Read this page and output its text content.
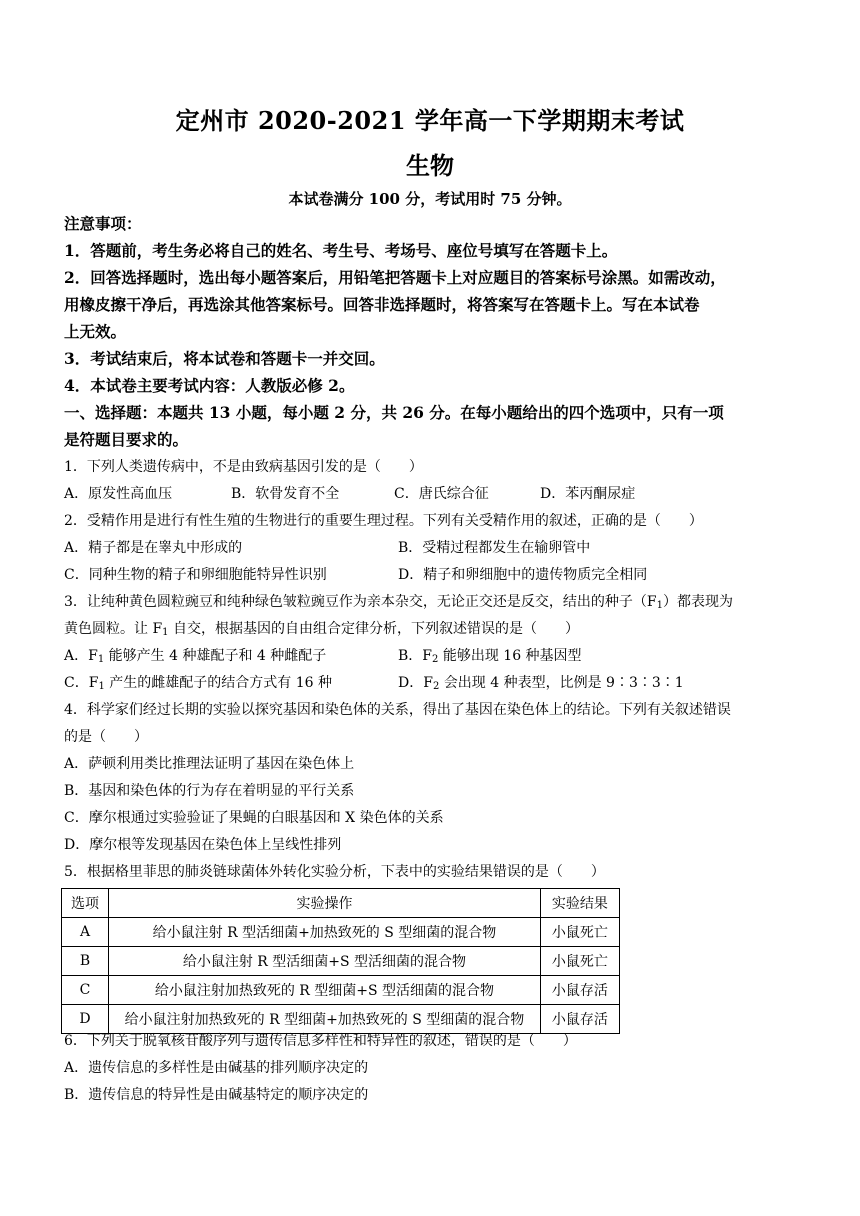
定州市 2020-2021 学年高一下学期期末考试
生物
本试卷满分 100 分，考试用时 75 分钟。
注意事项：
1．答题前，考生务必将自己的姓名、考生号、考场号、座位号填写在答题卡上。
2．回答选择题时，选出每小题答案后，用铅笔把答题卡上对应题目的答案标号涂黑。如需改动，
用橡皮擦干净后，再选涂其他答案标号。回答非选择题时，将答案写在答题卡上。写在本试卷
上无效。
3．考试结束后，将本试卷和答题卡一并交回。
4．本试卷主要考试内容：人教版必修 2。
一、选择题：本题共 13 小题，每小题 2 分，共 26 分。在每小题给出的四个选项中，只有一项
是符题目要求的。
1．下列人类遗传病中，不是由致病基因引发的是（　　）
A．原发性高血压	B．软骨发育不全	C．唐氏综合征	D．苯丙酮尿症
2．受精作用是进行有性生殖的生物进行的重要生理过程。下列有关受精作用的叙述，正确的是（　　）
A．精子都是在睾丸中形成的	B．受精过程都发生在输卵管中
C．同种生物的精子和卵细胞能特异性识别	D．精子和卵细胞中的遗传物质完全相同
3．让纯种黄色圆粒豌豆和纯种绿色皱粒豌豆作为亲本杂交，无论正交还是反交，结出的种子$(F_1)$都表现为
黄色圆粒。让 $F_1$ 自交，根据基因的自由组合定律分析，下列叙述错误的是（　　）
A．$F_1$ 能够产生 4 种雄配子和 4 种雌配子	B．$F_2$ 能够出现 16 种基因型
C．$F_1$ 产生的雌雄配子的结合方式有 16 种	D．$F_2$ 会出现 4 种表型，比例是 9∶3∶3∶1
4．科学家们经过长期的实验以探究基因和染色体的关系，得出了基因在染色体上的结论。下列有关叙述错误
的是（　　）
A．萨顿利用类比推理法证明了基因在染色体上
B．基因和染色体的行为存在着明显的平行关系
C．摩尔根通过实验验证了果蝇的白眼基因和 X 染色体的关系
D．摩尔根等发现基因在染色体上呈线性排列
5．根据格里菲思的肺炎链球菌体外转化实验分析，下表中的实验结果错误的是（　　）
选项	实验操作	实验结果
A	给小鼠注射 R 型活细菌+加热致死的 S 型细菌的混合物	小鼠死亡
B	给小鼠注射 R 型活细菌+S 型活细菌的混合物	小鼠死亡
C	给小鼠注射加热致死的 R 型细菌+S 型活细菌的混合物	小鼠存活
D	给小鼠注射加热致死的 R 型细菌+加热致死的 S 型细菌的混合物	小鼠存活
6．下列关于脱氧核苷酸序列与遗传信息多样性和特异性的叙述，错误的是（　　）
A．遗传信息的多样性是由碱基的排列顺序决定的
B．遗传信息的特异性是由碱基特定的顺序决定的
